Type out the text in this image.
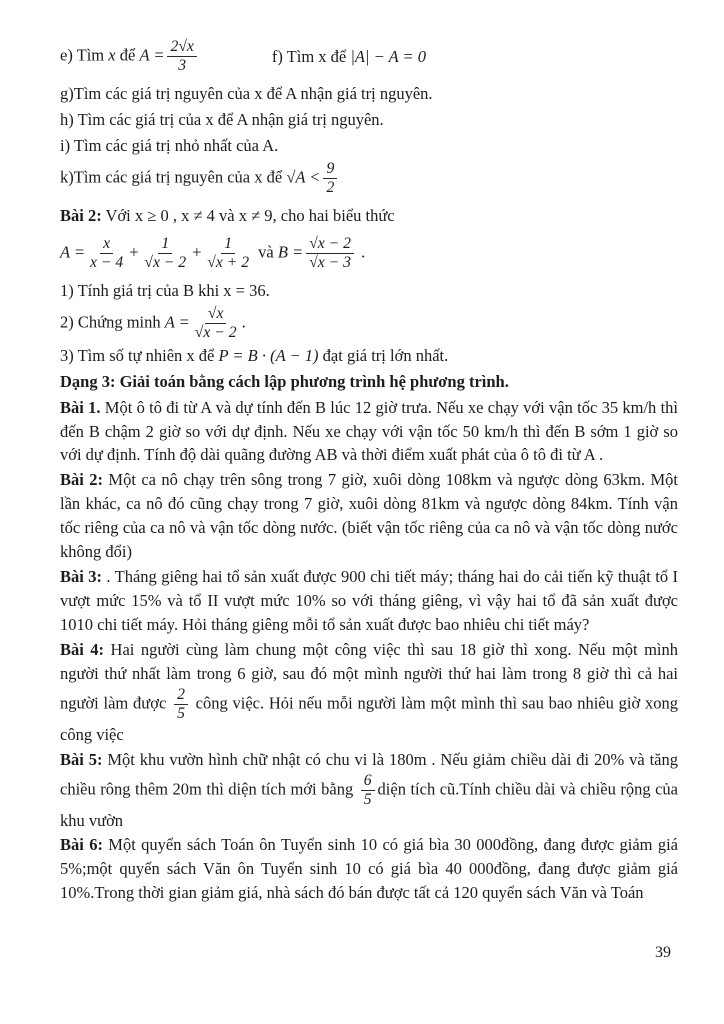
e) Tìm x để $A = \frac{2√x}{3}$	f) Tìm x để |A| − A = 0
g)Tìm các giá trị nguyên của x để A nhận giá trị nguyên.
h) Tìm các giá trị của x để A nhận giá trị nguyên.
i) Tìm các giá trị nhỏ nhất của A.
k)Tìm các giá trị nguyên của x để $√A < \frac{9}{2}$
Bài 2: Với x ≥ 0 , x ≠ 4 và x ≠ 9, cho hai biểu thức
$A = \frac{x}{x - 4} + \frac{1}{√x - 2} + \frac{1}{√x + 2}$ và $B = \frac{√x - 2}{√x - 3}$ .
1) Tính giá trị của B khi x = 36.
2) Chứng minh $A = \frac{√x}{√x - 2}$ .
3) Tìm số tự nhiên x để P = B · (A − 1) đạt giá trị lớn nhất.
Dạng 3: Giải toán bằng cách lập phương trình hệ phương trình.

Bài 1. Một ô tô đi từ A và dự tính đến B lúc 12 giờ trưa. Nếu xe chạy với vận tốc 35 km/h thì đến B chậm 2 giờ so với dự định. Nếu xe chạy với vận tốc 50 km/h thì đến B sớm 1 giờ so với dự định. Tính độ dài quãng đường AB và thời điểm xuất phát của ô tô đi từ A .

Bài 2: Một ca nô chạy trên sông trong 7 giờ, xuôi dòng 108km và ngược dòng 63km. Một lần khác, ca nô đó cũng chạy trong 7 giờ, xuôi dòng 81km và ngược dòng 84km. Tính vận tốc riêng của ca nô và vận tốc dòng nước. (biết vận tốc riêng của ca nô và vận tốc dòng nước không đổi)

Bài 3: . Tháng giêng hai tổ sản xuất được 900 chi tiết máy; tháng hai do cải tiến kỹ thuật tổ I vượt mức 15% và tổ II vượt mức 10% so với tháng giêng, vì vậy hai tổ đã sản xuất được 1010 chi tiết máy. Hỏi tháng giêng mỗi tổ sản xuất được bao nhiêu chi tiết máy?

Bài 4: Hai người cùng làm chung một công việc thì sau 18 giờ thì xong. Nếu một mình người thứ nhất làm trong 6 giờ, sau đó một mình người thứ hai làm trong 8 giờ thì cả hai người làm được $\frac{2}{5}$ công việc. Hỏi nếu mỗi người làm một mình thì sau bao nhiêu giờ xong công việc

Bài 5: Một khu vườn hình chữ nhật có chu vi là 180m . Nếu giảm chiều dài đi 20% và tăng chiều rông thêm 20m thì diện tích mới bằng $\frac{6}{5}$ diện tích cũ.Tính chiều dài và chiều rộng của khu vườn

Bài 6: Một quyển sách Toán ôn Tuyển sinh 10 có giá bìa 30 000đồng, đang được giảm giá 5%;một quyển sách Văn ôn Tuyển sinh 10 có giá bìa 40 000đồng, đang được giảm giá 10%.Trong thời gian giảm giá, nhà sách đó bán được tất cả 120 quyển sách Văn và Toán

39
